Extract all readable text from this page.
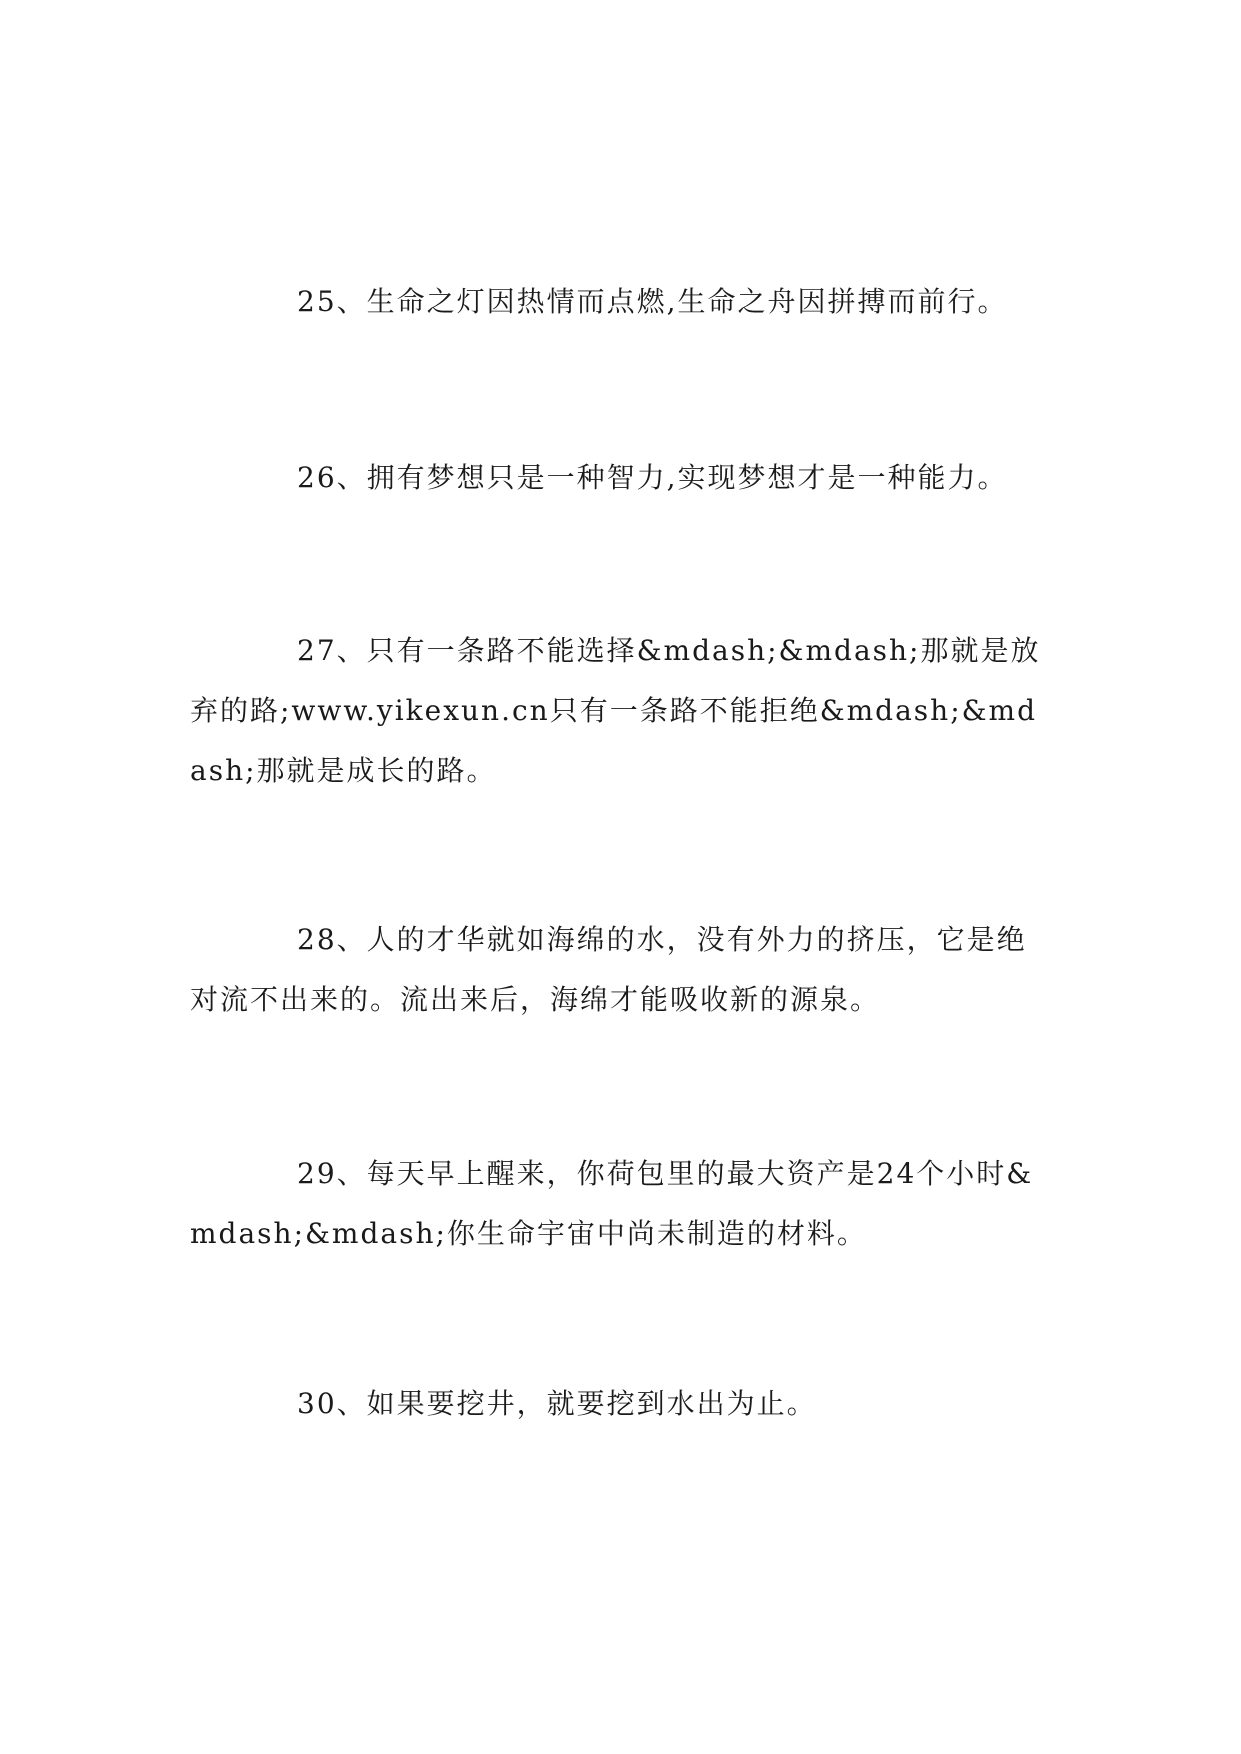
25、生命之灯因热情而点燃,生命之舟因拼搏而前行。

26、拥有梦想只是一种智力,实现梦想才是一种能力。

27、只有一条路不能选择&mdash;&mdash;那就是放弃的路;www.yikexun.cn只有一条路不能拒绝&mdash;&mdash;那就是成长的路。

28、人的才华就如海绵的水，没有外力的挤压，它是绝对流不出来的。流出来后，海绵才能吸收新的源泉。

29、每天早上醒来，你荷包里的最大资产是24个小时&mdash;&mdash;你生命宇宙中尚未制造的材料。

30、如果要挖井，就要挖到水出为止。
